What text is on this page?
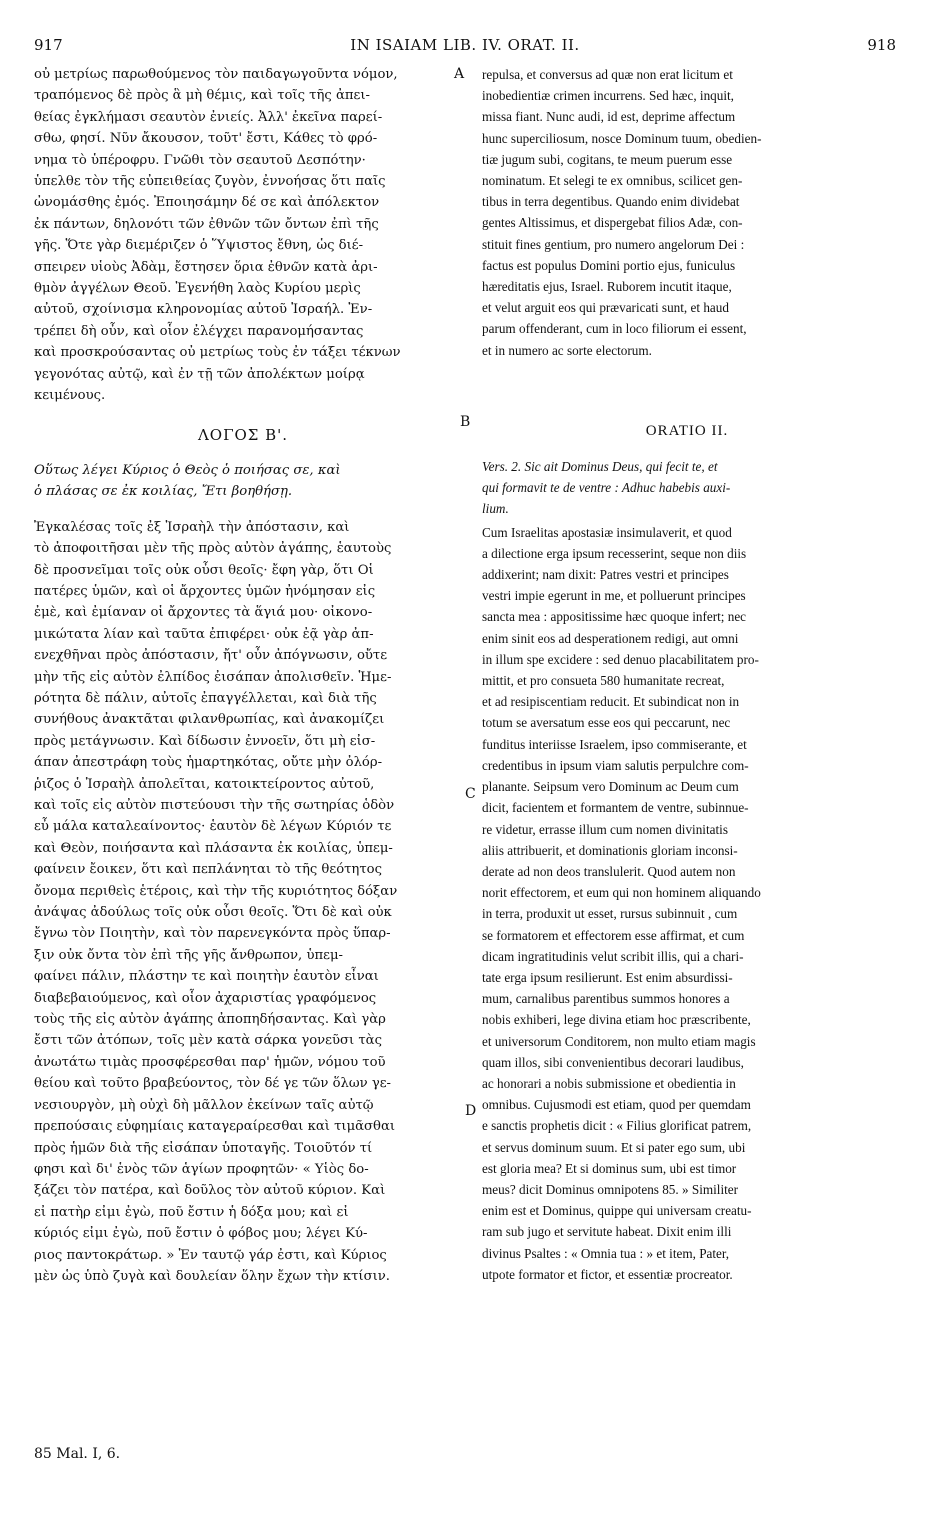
917	IN ISAIAM LIB. IV. ORAT. II.	918
A
B
C
D
οὐ μετρίως παρωθούμενος τὸν παιδαγωγοῦντα νόμον,
τραπόμενος δὲ πρὸς ἃ μὴ θέμις, καὶ τοῖς τῆς ἀπει-
θείας ἐγκλήμασι σεαυτὸν ἐνιείς. Ἀλλ' ἐκεῖνα παρεί-
σθω, φησί. Νῦν ἄκουσον, τοῦτ' ἔστι, Κάθες τὸ φρό-
νημα τὸ ὑπέροφρυ. Γνῶθι τὸν σεαυτοῦ Δεσπότην·
ὑπελθε τὸν τῆς εὐπειθείας ζυγὸν, ἐννοήσας ὅτι παῖς
ὠνομάσθης ἐμός. Ἐποιησάμην δέ σε καὶ ἀπόλεκτον
ἐκ πάντων, δηλονότι τῶν ἐθνῶν τῶν ὄντων ἐπὶ τῆς
γῆς. Ὅτε γὰρ διεμέριζεν ὁ Ὕψιστος ἔθνη, ὡς διέ-
σπειρεν υἱοὺς Ἀδὰμ, ἔστησεν ὅρια ἐθνῶν κατὰ ἀρι-
θμὸν ἀγγέλων Θεοῦ. Ἐγενήθη λαὸς Κυρίου μερὶς
αὐτοῦ, σχοίνισμα κληρονομίας αὐτοῦ Ἰσραήλ. Ἐν-
τρέπει δὴ οὖν, καὶ οἷον ἐλέγχει παρανομήσαντας
καὶ προσκρούσαντας οὐ μετρίως τοὺς ἐν τάξει τέκνων
γεγονότας αὐτῷ, καὶ ἐν τῇ τῶν ἀπολέκτων μοίρᾳ
κειμένους.
ΛΟΓΟΣ Β'.
Οὕτως λέγει Κύριος ὁ Θεὸς ὁ ποιήσας σε, καὶ
ὁ πλάσας σε ἐκ κοιλίας, Ἔτι βοηθήσῃ.
Ἐγκαλέσας τοῖς ἐξ Ἰσραὴλ τὴν ἀπόστασιν, καὶ
τὸ ἀποφοιτῆσαι μὲν τῆς πρὸς αὐτὸν ἀγάπης, ἑαυτοὺς
δὲ προσνεῖμαι τοῖς οὐκ οὖσι θεοῖς· ἔφη γὰρ, ὅτι Οἱ
πατέρες ὑμῶν, καὶ οἱ ἄρχοντες ὑμῶν ἠνόμησαν εἰς
ἐμὲ, καὶ ἐμίαναν οἱ ἄρχοντες τὰ ἅγιά μου· οἰκονο-
μικώτατα λίαν καὶ ταῦτα ἐπιφέρει· οὐκ ἐᾷ γὰρ ἀπ-
ενεχθῆναι πρὸς ἀπόστασιν, ἤτ' οὖν ἀπόγνωσιν, οὔτε
μὴν τῆς εἰς αὐτὸν ἐλπίδος ἐισάπαν ἀπολισθεῖν. Ἡμε-
ρότητα δὲ πάλιν, αὐτοῖς ἐπαγγέλλεται, καὶ διὰ τῆς
συνήθους ἀνακτᾶται φιλανθρωπίας, καὶ ἀνακομίζει
πρὸς μετάγνωσιν. Καὶ δίδωσιν ἐννοεῖν, ὅτι μὴ εἰσ-
άπαν ἀπεστράφη τοὺς ἡμαρτηκότας, οὔτε μὴν ὀλόρ-
ῥιζος ὁ Ἰσραὴλ ἀπολεῖται, κατοικτείροντος αὐτοῦ,
καὶ τοῖς εἰς αὐτὸν πιστεύουσι τὴν τῆς σωτηρίας ὁδὸν
εὖ μάλα καταλεαίνοντος· ἑαυτὸν δὲ λέγων Κύριόν τε
καὶ Θεὸν, ποιήσαντα καὶ πλάσαντα ἐκ κοιλίας, ὑπεμ-
φαίνειν ἔοικεν, ὅτι καὶ πεπλάνηται τὸ τῆς θεότητος
ὄνομα περιθεὶς ἑτέροις, καὶ τὴν τῆς κυριότητος δόξαν
ἀνάψας ἀδούλως τοῖς οὐκ οὖσι θεοῖς. Ὅτι δὲ καὶ οὐκ
ἔγνω τὸν Ποιητὴν, καὶ τὸν παρενεγκόντα πρὸς ὕπαρ-
ξιν οὐκ ὄντα τὸν ἐπὶ τῆς γῆς ἄνθρωπον, ὑπεμ-
φαίνει πάλιν, πλάστην τε καὶ ποιητὴν ἑαυτὸν εἶναι
διαβεβαιούμενος, καὶ οἷον ἀχαριστίας γραφόμενος
τοὺς τῆς εἰς αὐτὸν ἀγάπης ἀποπηδήσαντας. Καὶ γὰρ
ἔστι τῶν ἀτόπων, τοῖς μὲν κατὰ σάρκα γονεῦσι τὰς
ἀνωτάτω τιμὰς προσφέρεσθαι παρ' ἡμῶν, νόμου τοῦ
θείου καὶ τοῦτο βραβεύοντος, τὸν δέ γε τῶν ὅλων γε-
νεσιουργὸν, μὴ οὐχὶ δὴ μᾶλλον ἐκείνων ταῖς αὐτῷ
πρεπούσαις εὐφημίαις καταγεραίρεσθαι καὶ τιμᾶσθαι
πρὸς ἡμῶν διὰ τῆς εἰσάπαν ὑποταγῆς. Τοιοῦτόν τί
φησι καὶ δι' ἑνὸς τῶν ἁγίων προφητῶν· « Υἱὸς δο-
ξάζει τὸν πατέρα, καὶ δοῦλος τὸν αὐτοῦ κύριον. Καὶ
εἰ πατὴρ εἰμι ἐγὼ, ποῦ ἔστιν ἡ δόξα μου; καὶ εἰ
κύριός εἰμι ἐγὼ, ποῦ ἔστιν ὁ φόβος μου; λέγει Κύ-
ριος παντοκράτωρ. » Ἐν ταυτῷ γάρ ἐστι, καὶ Κύριος
μὲν ὡς ὑπὸ ζυγὰ καὶ δουλείαν ὅλην ἔχων τὴν κτίσιν.
repulsa, et conversus ad quæ non erat licitum et
inobedientiæ crimen incurrens. Sed hæc, inquit,
missa fiant. Nunc audi, id est, deprime affectum
hunc superciliosum, nosce Dominum tuum, obedien-
tiæ jugum subi, cogitans, te meum puerum esse
nominatum. Et selegi te ex omnibus, scilicet gen-
tibus in terra degentibus. Quando enim dividebat
gentes Altissimus, et dispergebat filios Adæ, con-
stituit fines gentium, pro numero angelorum Dei :
factus est populus Domini portio ejus, funiculus
hæreditatis ejus, Israel. Ruborem incutit itaque,
et velut arguit eos qui prævaricati sunt, et haud
parum offenderant, cum in loco filiorum ei essent,
et in numero ac sorte electorum.
ORATIO II.
Vers. 2. Sic ait Dominus Deus, qui fecit te, et
qui formavit te de ventre : Adhuc habebis auxi-
lium.
Cum Israelitas apostasiæ insimulaverit, et quod
a dilectione erga ipsum recesserint, seque non diis
addixerint; nam dixit: Patres vestri et principes
vestri impie egerunt in me, et polluerunt principes
sancta mea : appositissime hæc quoque infert; nec
enim sinit eos ad desperationem redigi, aut omni
in illum spe excidere : sed denuo placabilitatem pro-
mittit, et pro consueta 580 humanitate recreat,
et ad resipiscentiam reducit. Et subindicat non in
totum se aversatum esse eos qui peccarunt, nec
funditus interiisse Israelem, ipso commiserante, et
credentibus in ipsum viam salutis perpulchre com-
planante. Seipsum vero Dominum ac Deum cum
dicit, facientem et formantem de ventre, subinnue-
re videtur, errasse illum cum nomen divinitatis
aliis attribuerit, et dominationis gloriam inconsi-
derate ad non deos translulerit. Quod autem non
norit effectorem, et eum qui non hominem aliquando
in terra, produxit ut esset, rursus subinnuit , cum
se formatorem et effectorem esse affirmat, et cum
dicam ingratitudinis velut scribit illis, qui a chari-
tate erga ipsum resilierunt. Est enim absurdissi-
mum, carnalibus parentibus summos honores a
nobis exhiberi, lege divina etiam hoc præscribente,
et universorum Conditorem, non multo etiam magis
quam illos, sibi convenientibus decorari laudibus,
ac honorari a nobis submissione et obedientia in
omnibus. Cujusmodi est etiam, quod per quemdam
e sanctis prophetis dicit : « Filius glorificat patrem,
et servus dominum suum. Et si pater ego sum, ubi
est gloria mea? Et si dominus sum, ubi est timor
meus? dicit Dominus omnipotens 85. » Similiter
enim est et Dominus, quippe qui universam creatu-
ram sub jugo et servitute habeat. Dixit enim illi
divinus Psaltes : « Omnia tua : » et item, Pater,
utpote formator et fictor, et essentiæ procreator.
85 Mal. I, 6.
